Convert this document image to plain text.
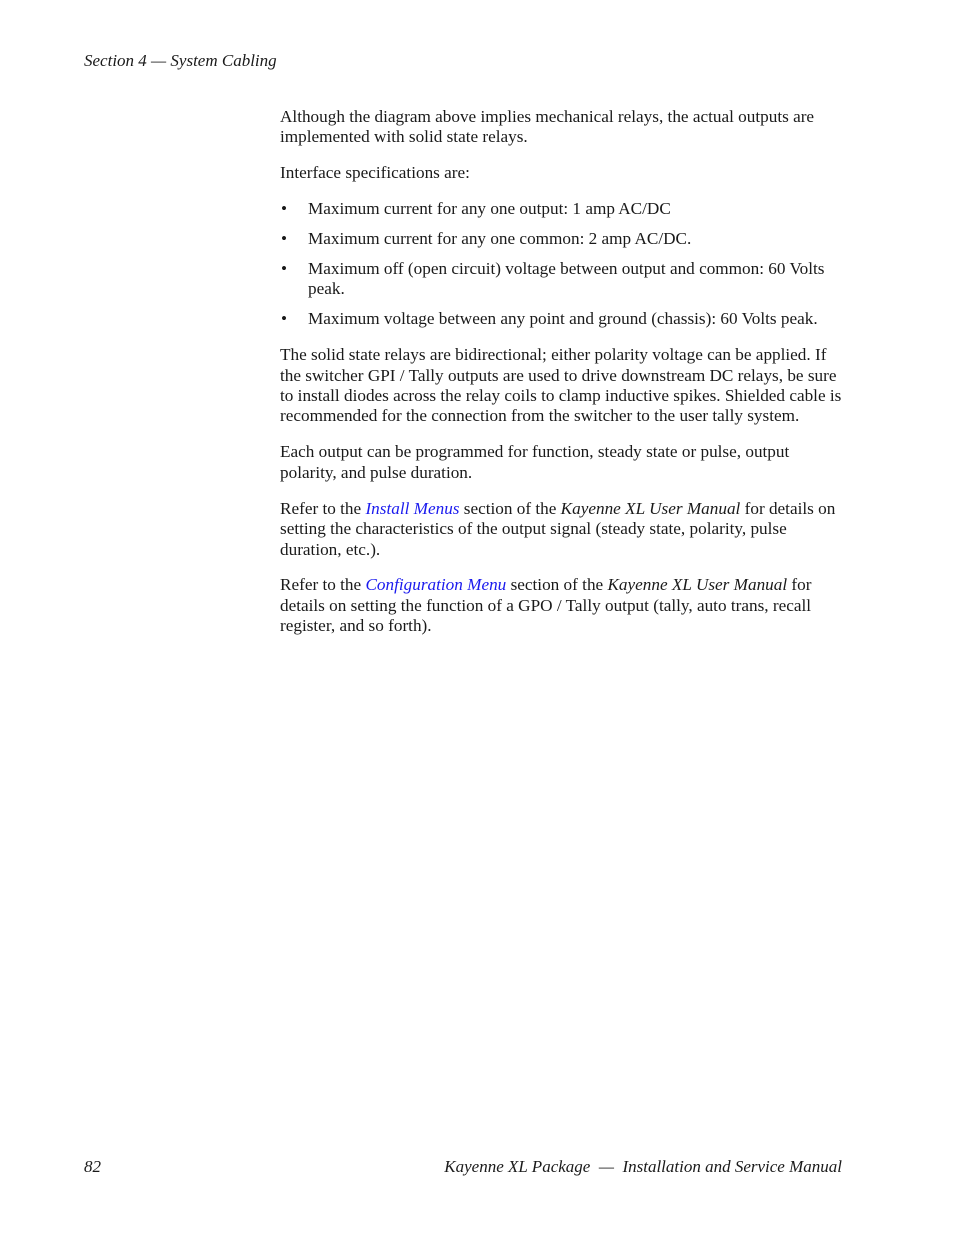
Section 4 — System Cabling

Although the diagram above implies mechanical relays, the actual outputs are implemented with solid state relays.

Interface specifications are:

• Maximum current for any one output: 1 amp AC/DC
• Maximum current for any one common: 2 amp AC/DC.
• Maximum off (open circuit) voltage between output and common: 60 Volts peak.
• Maximum voltage between any point and ground (chassis): 60 Volts peak.

The solid state relays are bidirectional; either polarity voltage can be applied. If the switcher GPI / Tally outputs are used to drive downstream DC relays, be sure to install diodes across the relay coils to clamp inductive spikes. Shielded cable is recommended for the connection from the switcher to the user tally system.

Each output can be programmed for function, steady state or pulse, output polarity, and pulse duration.

Refer to the Install Menus section of the Kayenne XL User Manual for details on setting the characteristics of the output signal (steady state, polarity, pulse duration, etc.).

Refer to the Configuration Menu section of the Kayenne XL User Manual for details on setting the function of a GPO / Tally output (tally, auto trans, recall register, and so forth).

82	Kayenne XL Package  —  Installation and Service Manual
